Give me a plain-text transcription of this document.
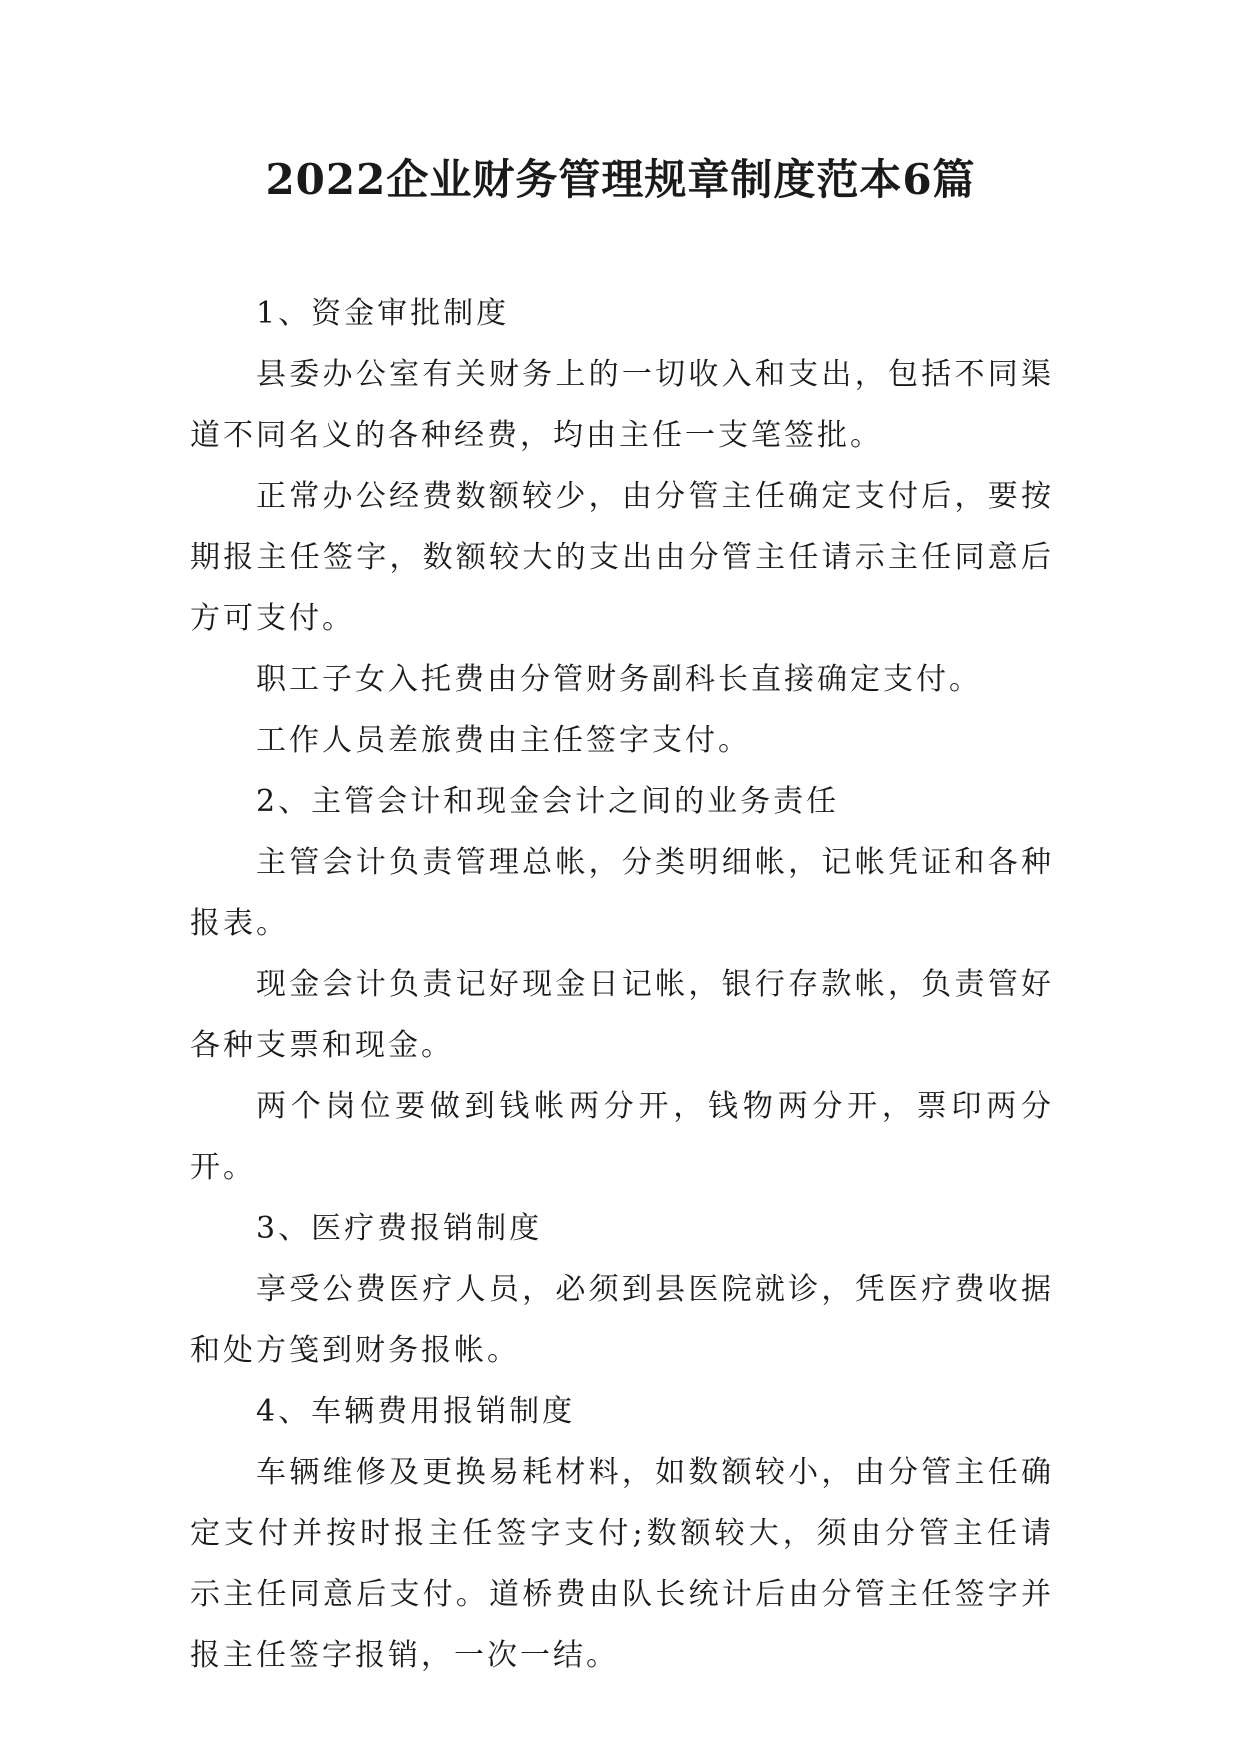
2022企业财务管理规章制度范本6篇

1、资金审批制度

县委办公室有关财务上的一切收入和支出，包括不同渠道不同名义的各种经费，均由主任一支笔签批。

正常办公经费数额较少，由分管主任确定支付后，要按期报主任签字，数额较大的支出由分管主任请示主任同意后方可支付。

职工子女入托费由分管财务副科长直接确定支付。

工作人员差旅费由主任签字支付。

2、主管会计和现金会计之间的业务责任

主管会计负责管理总帐，分类明细帐，记帐凭证和各种报表。

现金会计负责记好现金日记帐，银行存款帐，负责管好各种支票和现金。

两个岗位要做到钱帐两分开，钱物两分开，票印两分开。

3、医疗费报销制度

享受公费医疗人员，必须到县医院就诊，凭医疗费收据和处方笺到财务报帐。

4、车辆费用报销制度

车辆维修及更换易耗材料，如数额较小，由分管主任确定支付并按时报主任签字支付;数额较大，须由分管主任请示主任同意后支付。道桥费由队长统计后由分管主任签字并报主任签字报销，一次一结。
